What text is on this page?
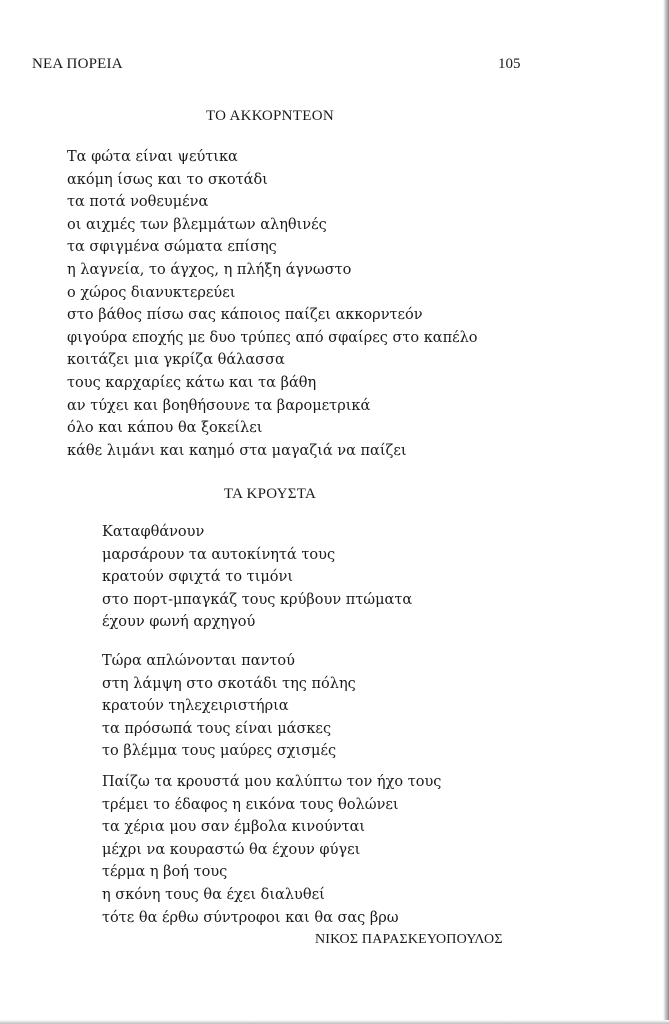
ΝΕΑ ΠΟΡΕΙΑ	105
ΤΟ ΑΚΚΟΡΝΤΕΟΝ
Τα φώτα είναι ψεύτικα
ακόμη ίσως και το σκοτάδι
τα ποτά νοθευμένα
οι αιχμές των βλεμμάτων αληθινές
τα σφιγμένα σώματα επίσης
η λαγνεία, το άγχος, η πλήξη άγνωστο
ο χώρος διανυκτερεύει
στο βάθος πίσω σας κάποιος παίζει ακκορντεόν
φιγούρα εποχής με δυο τρύπες από σφαίρες στο καπέλο
κοιτάζει μια γκρίζα θάλασσα
τους καρχαρίες κάτω και τα βάθη
αν τύχει και βοηθήσουνε τα βαρομετρικά
όλο και κάπου θα ξοκείλει
κάθε λιμάνι και καημό στα μαγαζιά να παίζει
ΤΑ ΚΡΟΥΣΤΑ
Καταφθάνουν
μαρσάρουν τα αυτοκίνητά τους
κρατούν σφιχτά το τιμόνι
στο πορτ-μπαγκάζ τους κρύβουν πτώματα
έχουν φωνή αρχηγού
Τώρα απλώνονται παντού
στη λάμψη στο σκοτάδι της πόλης
κρατούν τηλεχειριστήρια
τα πρόσωπά τους είναι μάσκες
το βλέμμα τους μαύρες σχισμές
Παίζω τα κρουστά μου καλύπτω τον ήχο τους
τρέμει το έδαφος η εικόνα τους θολώνει
τα χέρια μου σαν έμβολα κινούνται
μέχρι να κουραστώ θα έχουν φύγει
τέρμα η βοή τους
η σκόνη τους θα έχει διαλυθεί
τότε θα έρθω σύντροφοι και θα σας βρω
ΝΙΚΟΣ ΠΑΡΑΣΚΕΥΟΠΟΥΛΟΣ
